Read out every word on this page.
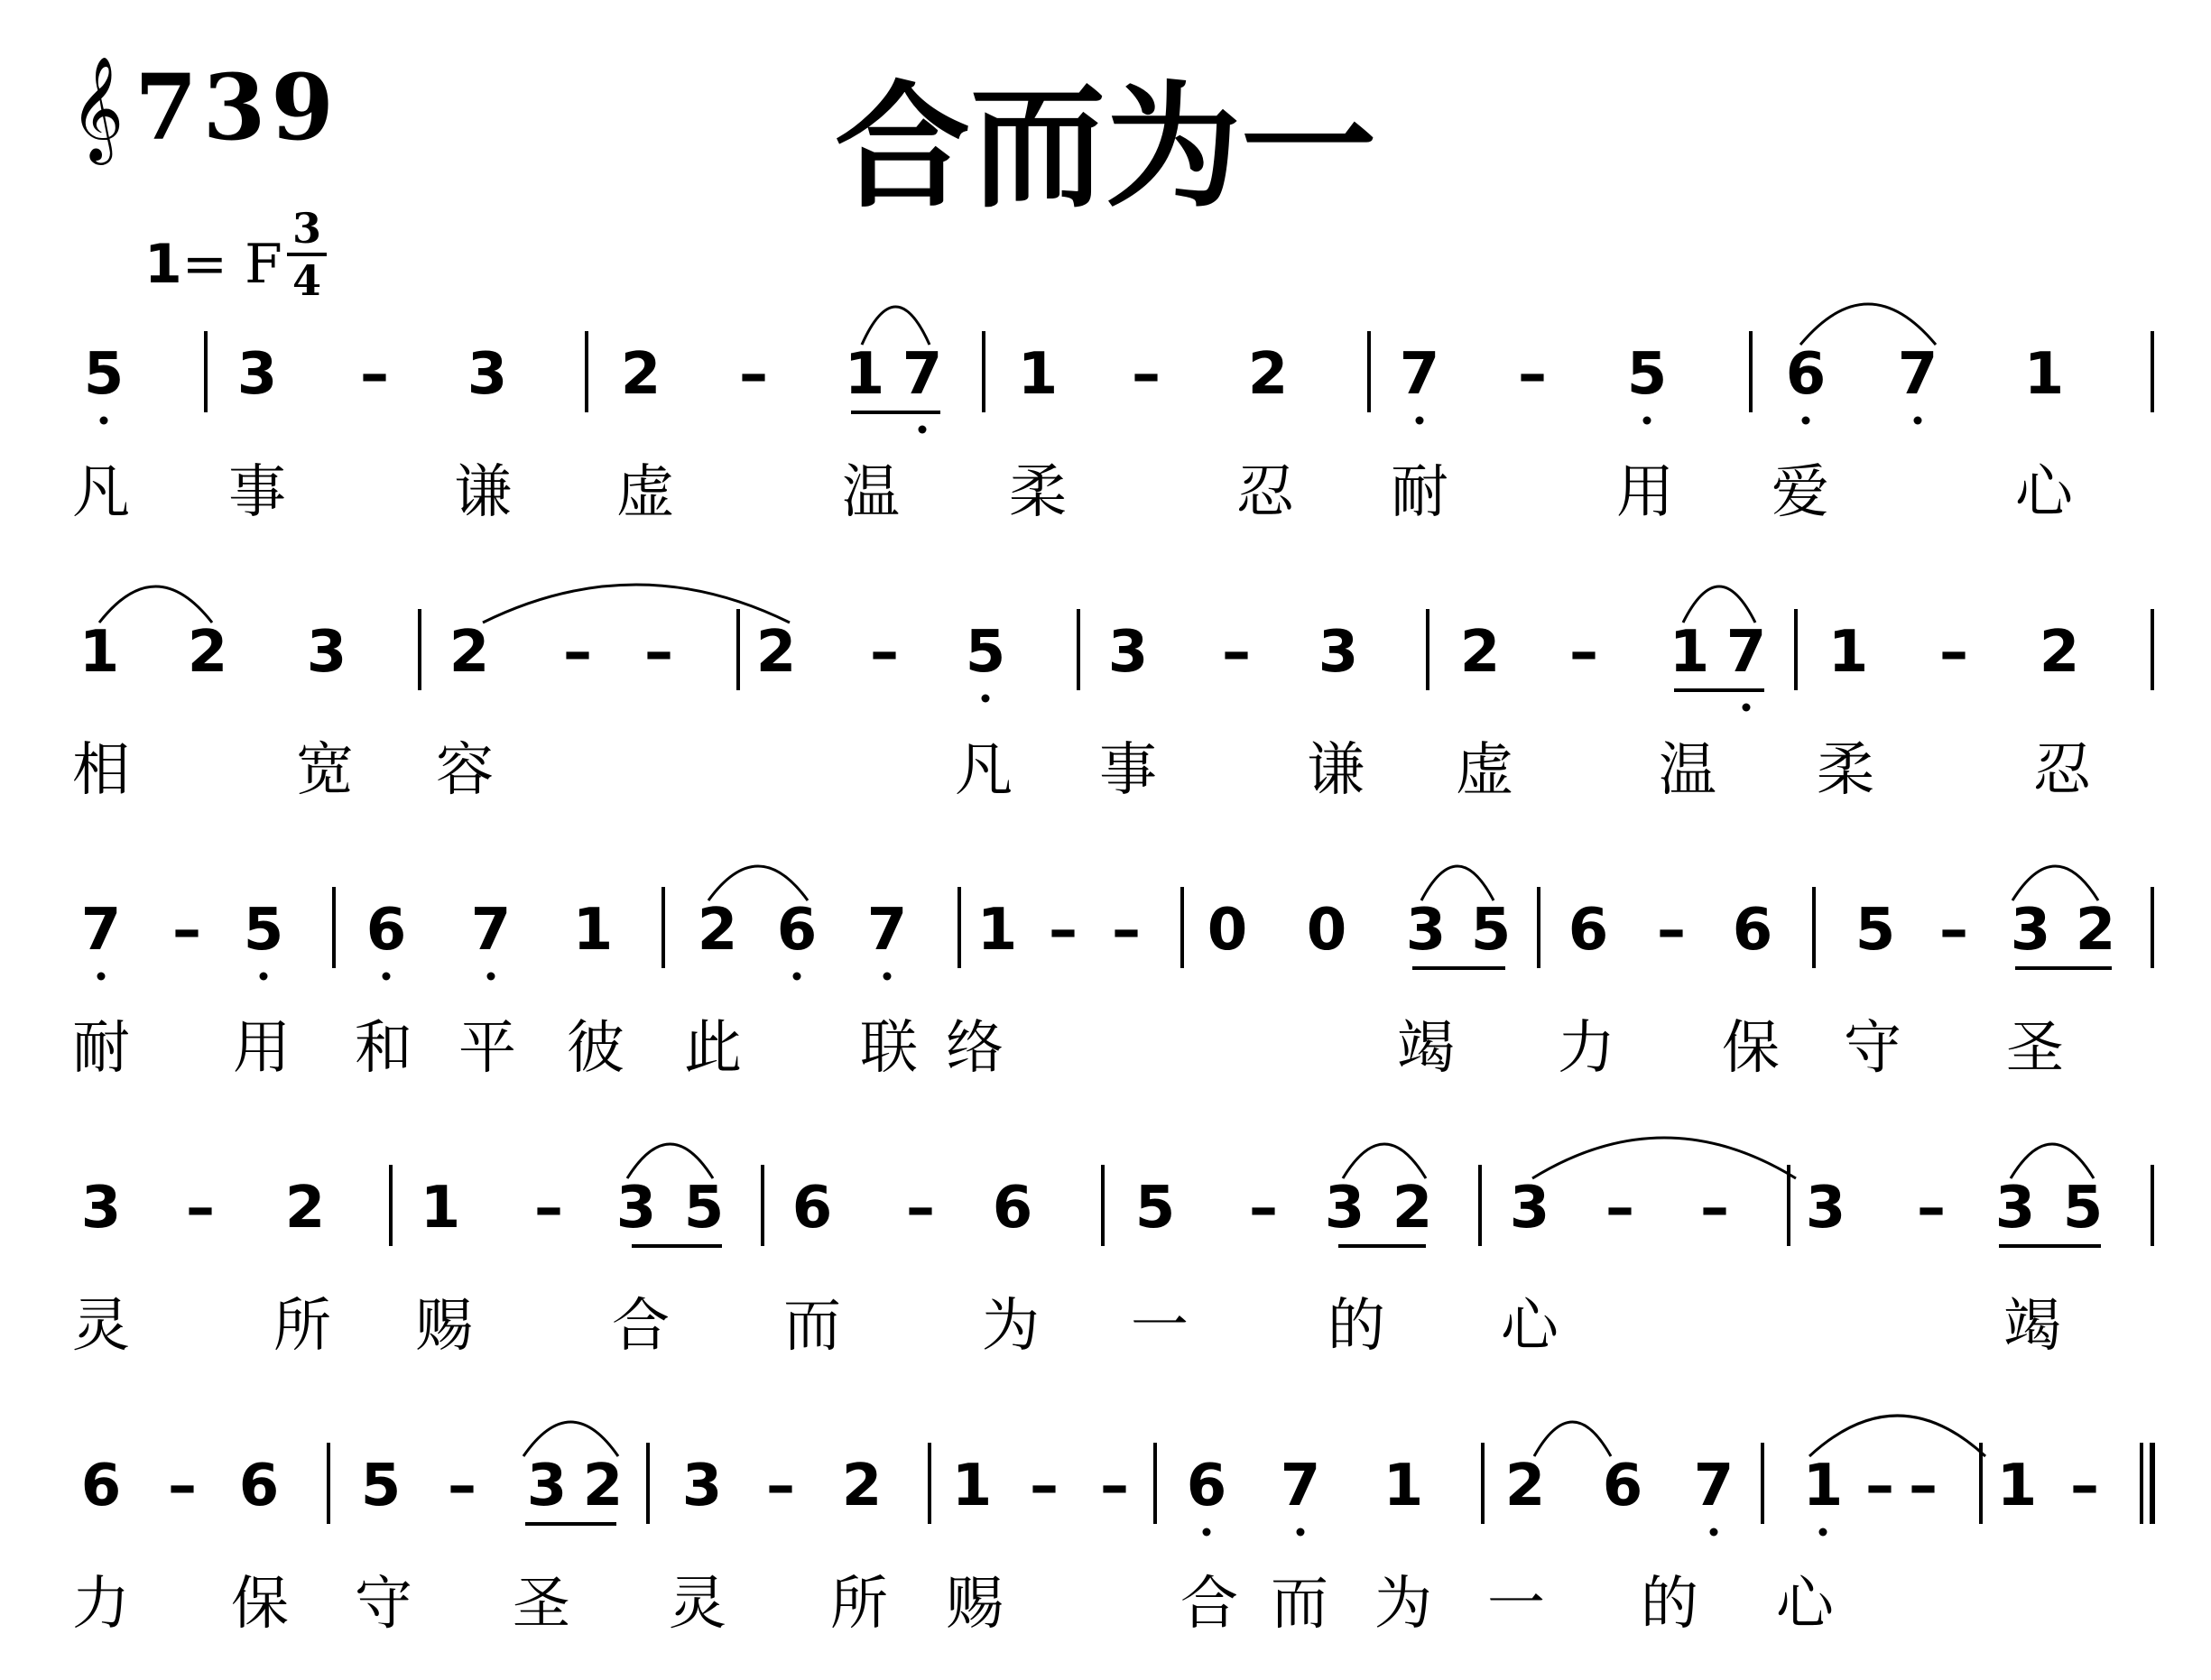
𝄞739	合而为一
1= F
3
4
5 3 – 3 2 – 1 7 1 – 2 7 – 5 6 7 1
凡 事	谦 虚	温 柔	忍 耐	用 爱	心
1 2 3 2 – – 2 – 5 3 – 3 2 – 1 7 1 – 2
相	宽 容	凡 事	谦 虚	温 柔	忍
7 – 5 6 7 1 2 6 7 1 – – 0 0 3 5 6 – 6 5 – 3 2
耐 用 和 平 彼 此 联 络	竭 力 保 守 圣
3 – 2 1 – 3 5 6 – 6 5 – 3 2 3 – – 3 – 3 5
灵 所 赐 合 而 为 一 的 心	竭
6 – 6 5 – 3 2 3 – 2 1 – – 6 7 1 2 6 7 1 – – 1 –
力 保 守 圣 灵 所 赐	合 而 为 一 的 心
